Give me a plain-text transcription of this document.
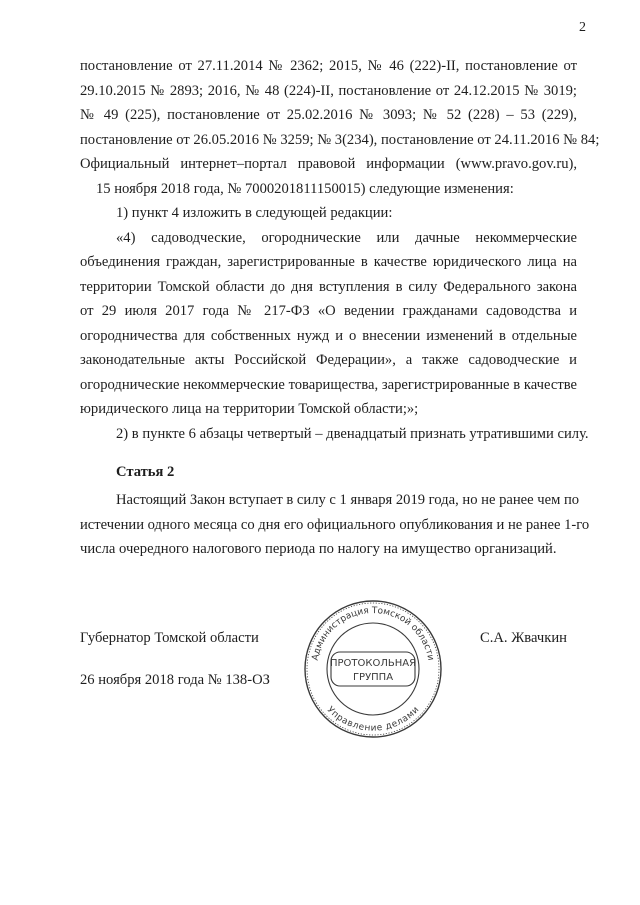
2
постановление от 27.11.2014 № 2362; 2015, № 46 (222)-II, постановление от
29.10.2015 № 2893; 2016, № 48 (224)-II, постановление от 24.12.2015 № 3019;
№ 49 (225), постановление от 25.02.2016 № 3093; № 52 (228) – 53 (229),
постановление от 26.05.2016 № 3259; № 3(234), постановление от 24.11.2016 № 84;
Официальный интернет–портал правовой информации (www.pravo.gov.ru),
15 ноября 2018 года, № 7000201811150015) следующие изменения:
1) пункт 4 изложить в следующей редакции:
«4) садоводческие, огороднические или дачные некоммерческие
объединения граждан, зарегистрированные в качестве юридического лица на
территории Томской области до дня вступления в силу Федерального закона
от 29 июля 2017 года № 217-ФЗ «О ведении гражданами садоводства и
огородничества для собственных нужд и о внесении изменений в отдельные
законодательные акты Российской Федерации», а также садоводческие и
огороднические некоммерческие товарищества, зарегистрированные в качестве
юридического лица на территории Томской области;»;
2) в пункте 6 абзацы четвертый – двенадцатый признать утратившими силу.
Настоящий Закон вступает в силу с 1 января 2019 года, но не ранее чем по
истечении одного месяца со дня его официального опубликования и не ранее 1-го
числа очередного налогового периода по налогу на имущество организаций.
Статья 2
Губернатор Томской области	С.А. Жвачкин
26 ноября 2018 года № 138-ОЗ
Администрация Томской области
Управление делами
ПРОТОКОЛЬНАЯ
ГРУППА
